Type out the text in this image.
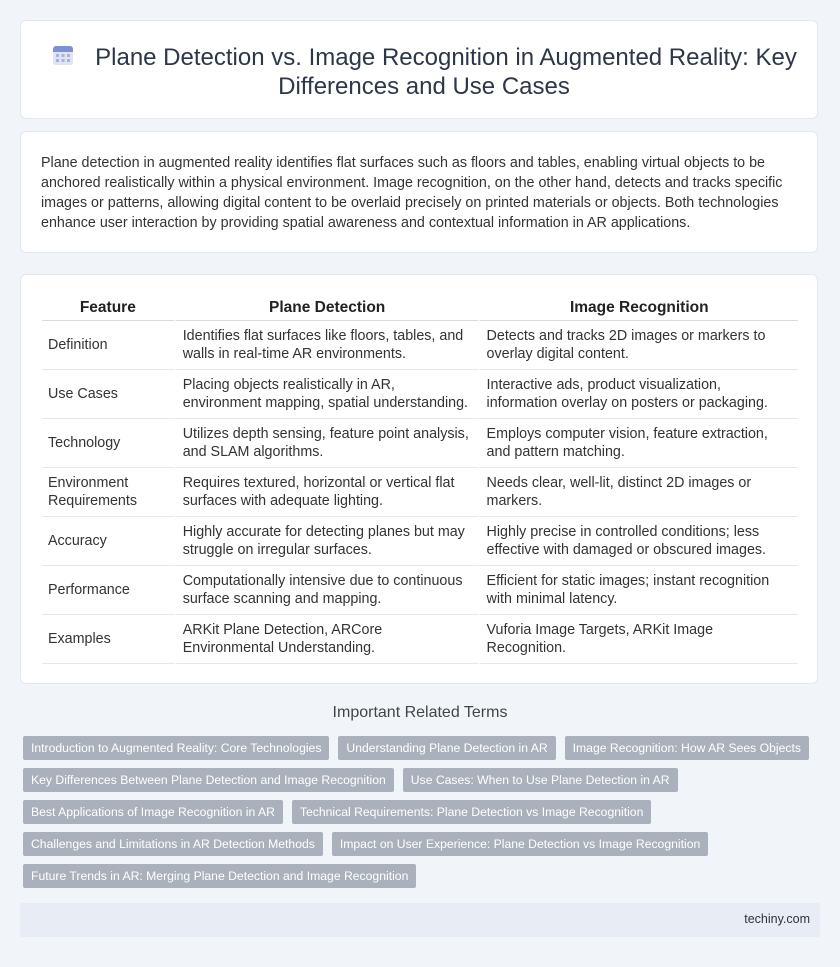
Plane Detection vs. Image Recognition in Augmented Reality: Key Differences and Use Cases
Plane detection in augmented reality identifies flat surfaces such as floors and tables, enabling virtual objects to be anchored realistically within a physical environment. Image recognition, on the other hand, detects and tracks specific images or patterns, allowing digital content to be overlaid precisely on printed materials or objects. Both technologies enhance user interaction by providing spatial awareness and contextual information in AR applications.
Feature	Plane Detection	Image Recognition
Definition	Identifies flat surfaces like floors, tables, and walls in real-time AR environments.	Detects and tracks 2D images or markers to overlay digital content.
Use Cases	Placing objects realistically in AR, environment mapping, spatial understanding.	Interactive ads, product visualization, information overlay on posters or packaging.
Technology	Utilizes depth sensing, feature point analysis, and SLAM algorithms.	Employs computer vision, feature extraction, and pattern matching.
Environment Requirements	Requires textured, horizontal or vertical flat surfaces with adequate lighting.	Needs clear, well-lit, distinct 2D images or markers.
Accuracy	Highly accurate for detecting planes but may struggle on irregular surfaces.	Highly precise in controlled conditions; less effective with damaged or obscured images.
Performance	Computationally intensive due to continuous surface scanning and mapping.	Efficient for static images; instant recognition with minimal latency.
Examples	ARKit Plane Detection, ARCore Environmental Understanding.	Vuforia Image Targets, ARKit Image Recognition.
Important Related Terms
Introduction to Augmented Reality: Core Technologies	Understanding Plane Detection in AR	Image Recognition: How AR Sees Objects
Key Differences Between Plane Detection and Image Recognition	Use Cases: When to Use Plane Detection in AR
Best Applications of Image Recognition in AR	Technical Requirements: Plane Detection vs Image Recognition
Challenges and Limitations in AR Detection Methods	Impact on User Experience: Plane Detection vs Image Recognition
Future Trends in AR: Merging Plane Detection and Image Recognition
techiny.com
